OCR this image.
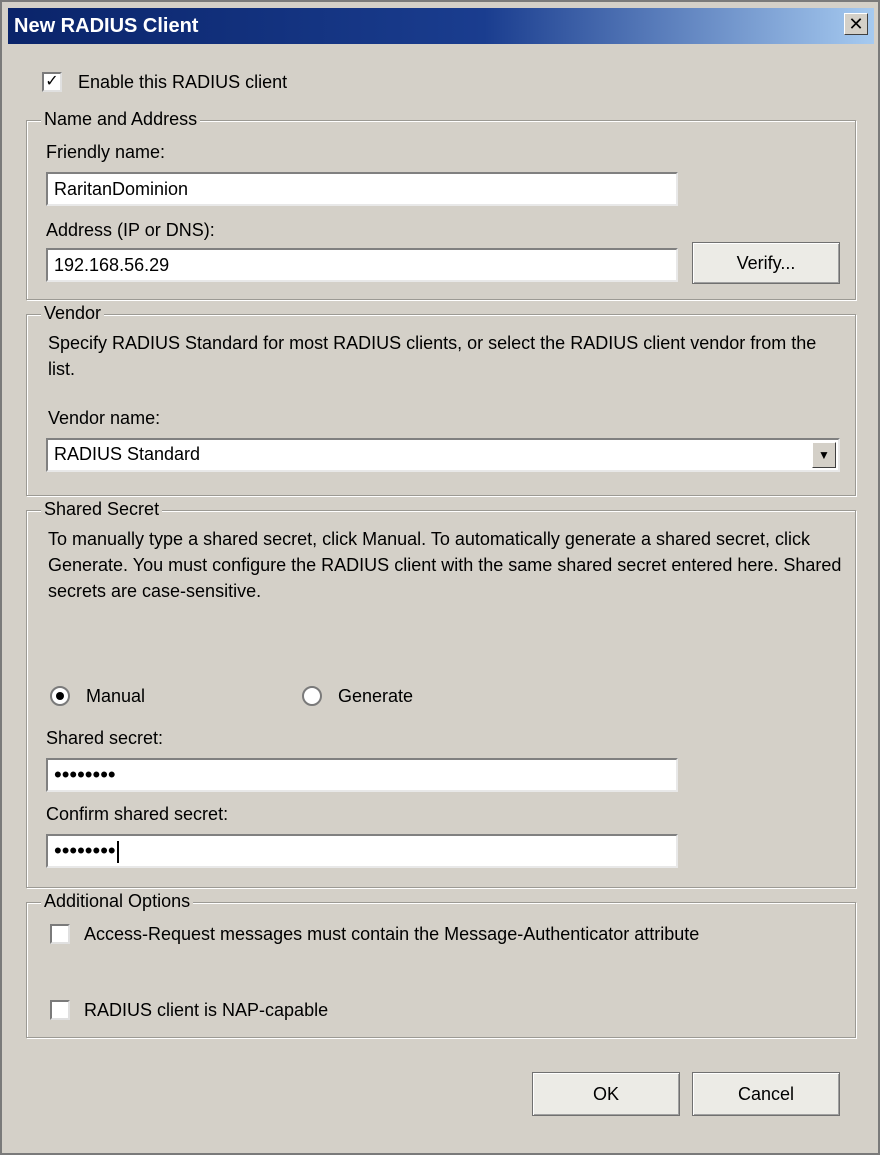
New RADIUS Client	✕
✓ Enable this RADIUS client
Name and Address
Friendly name:
RaritanDominion
Address (IP or DNS):
192.168.56.29	Verify...
Vendor
Specify RADIUS Standard for most RADIUS clients, or select the RADIUS client vendor from the list.
Vendor name:
RADIUS Standard	▼
Shared Secret
To manually type a shared secret, click Manual. To automatically generate a shared secret, click Generate. You must configure the RADIUS client with the same shared secret entered here. Shared secrets are case-sensitive.
Manual	Generate
Shared secret:
••••••••
Confirm shared secret:
••••••••
Additional Options
Access-Request messages must contain the Message-Authenticator attribute
RADIUS client is NAP-capable
OK	Cancel
